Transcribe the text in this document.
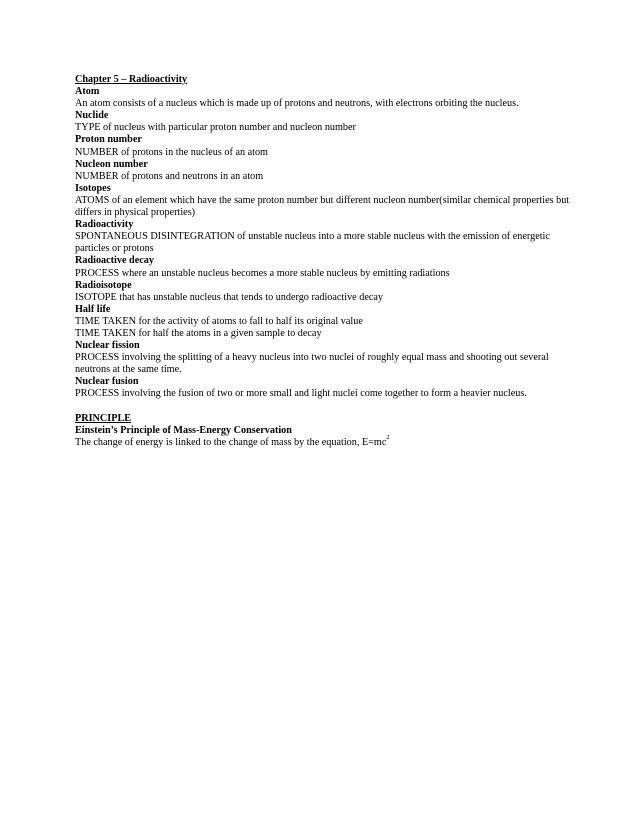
Chapter 5 – Radioactivity
Atom
An atom consists of a nucleus which is made up of protons and neutrons, with electrons orbiting the nucleus.
Nuclide
TYPE of nucleus with particular proton number and nucleon number
Proton number
NUMBER of protons in the nucleus of an atom
Nucleon number
NUMBER of protons and neutrons in an atom
Isotopes
ATOMS of an element which have the same proton number but different nucleon number(similar chemical properties but differs in physical properties)
Radioactivity
SPONTANEOUS DISINTEGRATION of unstable nucleus into a more stable nucleus with the emission of energetic particles or protons
Radioactive decay
PROCESS where an unstable nucleus becomes a more stable nucleus by emitting radiations
Radioisotope
ISOTOPE that has unstable nucleus that tends to undergo radioactive decay
Half life
TIME TAKEN for the activity of atoms to fall to half its original value
TIME TAKEN for half the atoms in a given sample to decay
Nuclear fission
PROCESS involving the splitting of a heavy nucleus into two nuclei of roughly equal mass and shooting out several neutrons at the same time.
Nuclear fusion
PROCESS involving the fusion of two or more small and light nuclei come together to form a heavier nucleus.
PRINCIPLE
Einstein’s Principle of Mass-Energy Conservation
The change of energy is linked to the change of mass by the equation, $E=mc^2$
